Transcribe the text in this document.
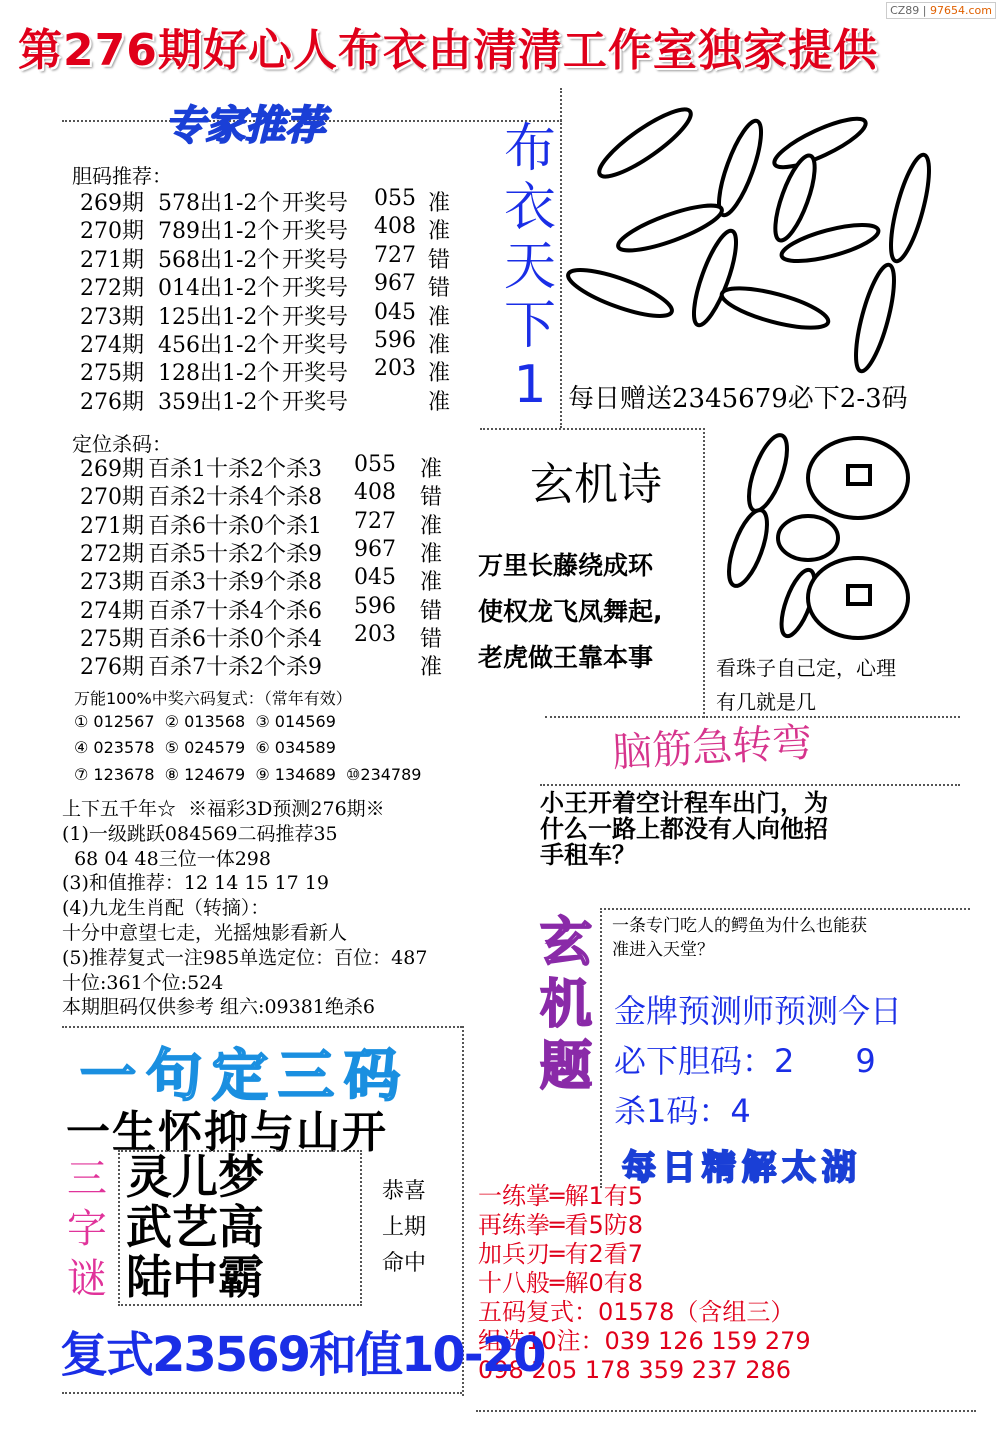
第276期好心人布衣由清清工作室独家提供
CZ89 | 97654.com
专家推荐
胆码推荐：
269期 578出1-2个 开奖号 055 准
270期 789出1-2个 开奖号 408 准
271期 568出1-2个 开奖号 727 错
272期 014出1-2个 开奖号 967 错
273期 125出1-2个 开奖号 045 准
274期 456出1-2个 开奖号 596 准
275期 128出1-2个 开奖号 203 准
276期 359出1-2个 开奖号	准
定位杀码：
269期 百杀1十杀2个杀3 055 准
270期 百杀2十杀4个杀8 408 错
271期 百杀6十杀0个杀1 727 准
272期 百杀5十杀2个杀9 967 准
273期 百杀3十杀9个杀8 045 准
274期 百杀7十杀4个杀6 596 错
275期 百杀6十杀0个杀4 203 错
276期 百杀7十杀2个杀9	准
万能100%中奖六码复式：（常年有效）
① 012567  ② 013568  ③ 014569
④ 023578  ⑤ 024579  ⑥ 034589
⑦ 123678  ⑧ 124679  ⑨ 134689  ⑩234789
上下五千年☆  ※福彩3D预测276期※
(1)一级跳跃084569二码推荐35
68 04 48三位一体298
(3)和值推荐：12 14 15 17 19
(4)九龙生肖配（转摘）：
十分中意望七走，光摇烛影看新人
(5)推荐复式一注985单选定位：百位：487
十位:361个位:524
本期胆码仅供参考 组六:09381绝杀6
布
衣
天
下
1 每日赠送2345679必下2-3码
玄机诗
万里长藤绕成环
使权龙飞凤舞起,
老虎做王靠本事	看珠子自己定，心理
有几就是几
脑筋急转弯
小王开着空计程车出门，为
什么一路上都没有人向他招
手租车？
玄机题
一条专门吃人的鳄鱼为什么也能获
准进入天堂？
金牌预测师预测今日
必下胆码：2      9
杀1码：4
每日精解太湖
一练掌═解1有5
再练拳═看5防8
加兵刃═有2看7
十八般═解0有8
五码复式：01578（含组三）
组选10注：039 126 159 279
098 205 178 359 237 286
一句定三码
一生怀抑与山开
三
字
谜
灵儿梦
武艺高
陆中霸
恭喜
上期
命中
复式23569和值10-20
